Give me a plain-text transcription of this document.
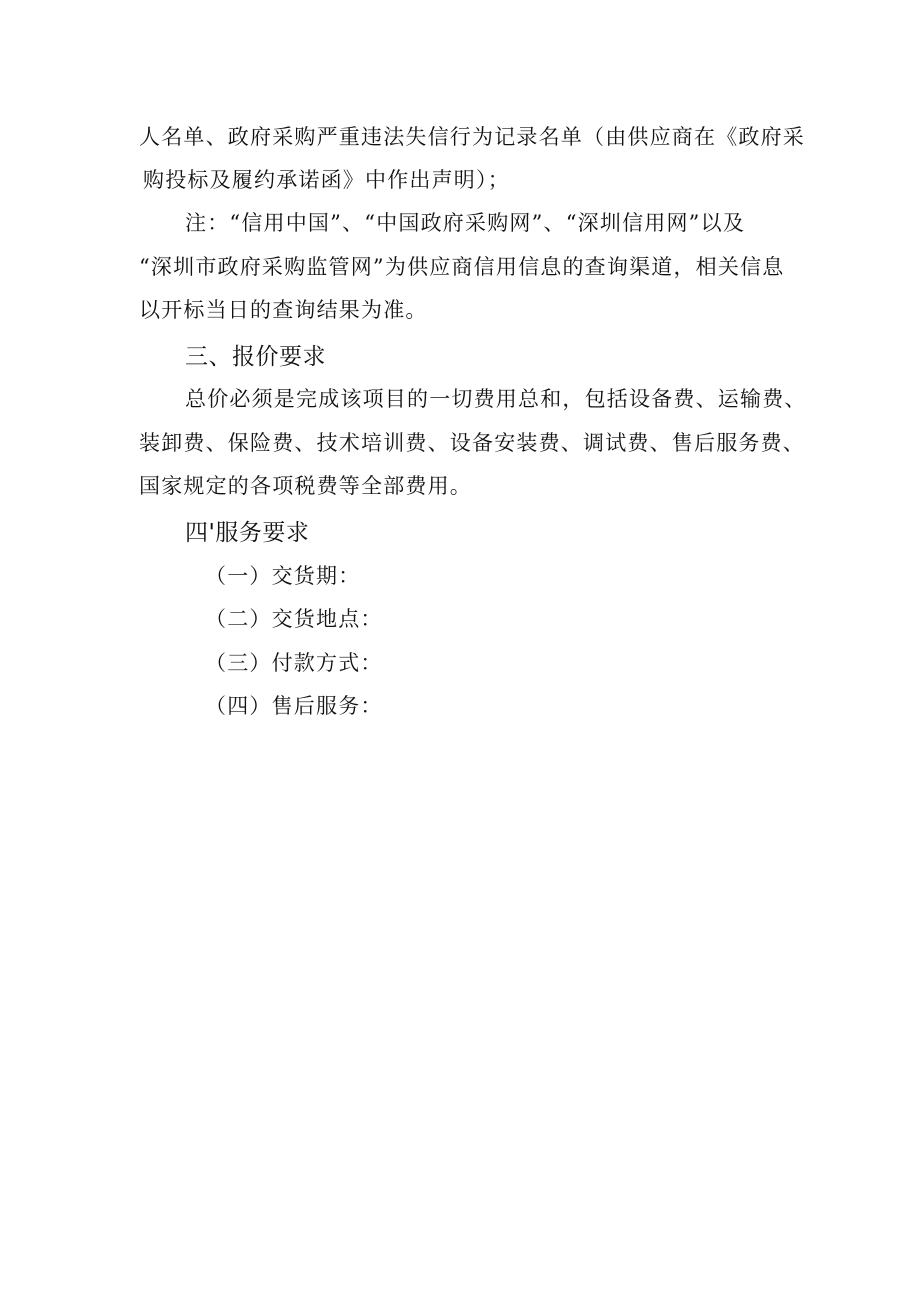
人名单、政府采购严重违法失信行为记录名单（由供应商在《政府采
购投标及履约承诺函》中作出声明）；
注：“信用中国”、“中国政府采购网”、“深圳信用网”以及
“深圳市政府采购监管网”为供应商信用信息的查询渠道，相关信息
以开标当日的查询结果为准。
三、报价要求
总价必须是完成该项目的一切费用总和，包括设备费、运输费、
装卸费、保险费、技术培训费、设备安装费、调试费、售后服务费、
国家规定的各项税费等全部费用。
四'服务要求
（一）交货期：
（二）交货地点：
（三）付款方式：
（四）售后服务：
